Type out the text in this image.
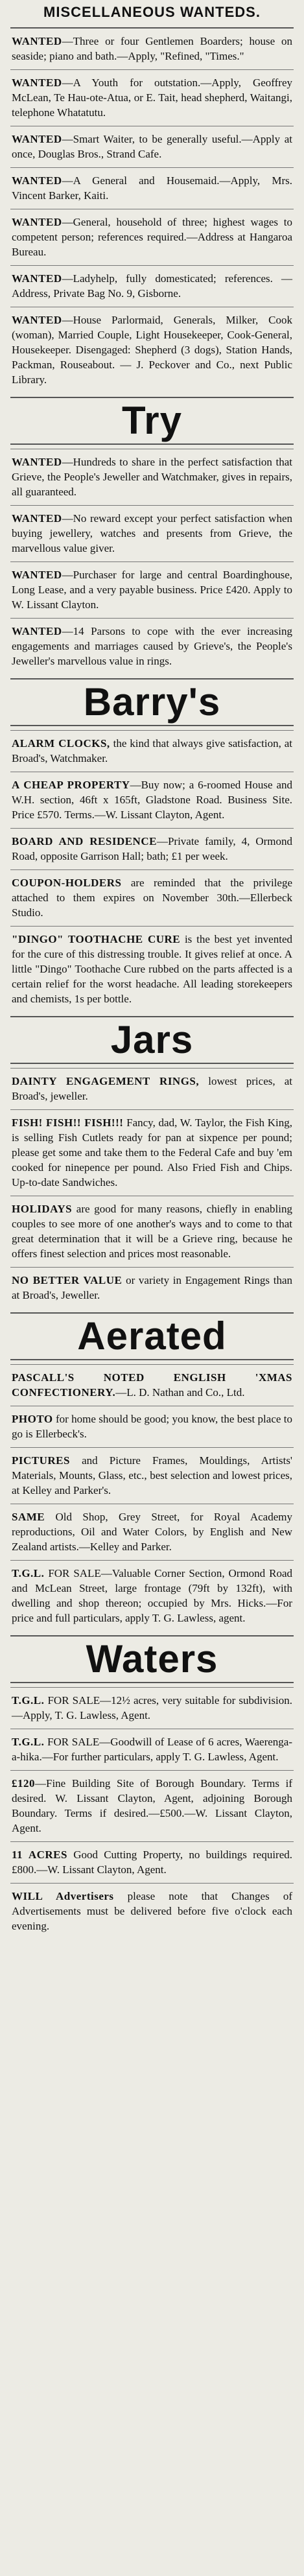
MISCELLANEOUS WANTEDS.
WANTED—Three or four Gentlemen Boarders; house on seaside; piano and bath.—Apply, "Refined, "Times."
WANTED—A Youth for outstation.—Apply, Geoffrey McLean, Te Hau-ote-Atua, or E. Tait, head shepherd, Waitangi, telephone Whatatutu.
WANTED—Smart Waiter, to be generally useful.—Apply at once, Douglas Bros., Strand Cafe.
WANTED—A General and Housemaid.—Apply, Mrs. Vincent Barker, Kaiti.
WANTED—General, household of three; highest wages to competent person; references required.—Address at Hangaroa Bureau.
WANTED—Ladyhelp, fully domesticated; references. — Address, Private Bag No. 9, Gisborne.
WANTED—House Parlormaid, Generals, Milker, Cook (woman), Married Couple, Light Housekeeper, Cook-General, Housekeeper. Disengaged: Shepherd (3 dogs), Station Hands, Packman, Rouseabout. — J. Peckover and Co., next Public Library.
Try
WANTED—Hundreds to share in the perfect satisfaction that Grieve, the People's Jeweller and Watchmaker, gives in repairs, all guaranteed.
WANTED—No reward except your perfect satisfaction when buying jewellery, watches and presents from Grieve, the marvellous value giver.
WANTED—Purchaser for large and central Boardinghouse, Long Lease, and a very payable business. Price £420. Apply to W. Lissant Clayton.
WANTED—14 Parsons to cope with the ever increasing engagements and marriages caused by Grieve's, the People's Jeweller's marvellous value in rings.
Barry's
ALARM CLOCKS, the kind that always give satisfaction, at Broad's, Watchmaker.
A CHEAP PROPERTY—Buy now; a 6-roomed House and W.H. section, 46ft x 165ft, Gladstone Road. Business Site. Price £570. Terms.—W. Lissant Clayton, Agent.
BOARD AND RESIDENCE—Private family, 4, Ormond Road, opposite Garrison Hall; bath; £1 per week.
COUPON-HOLDERS are reminded that the privilege attached to them expires on November 30th.—Ellerbeck Studio.
"DINGO" TOOTHACHE CURE is the best yet invented for the cure of this distressing trouble. It gives relief at once. A little "Dingo" Toothache Cure rubbed on the parts affected is a certain relief for the worst headache. All leading storekeepers and chemists, 1s per bottle.
Jars
DAINTY ENGAGEMENT RINGS, lowest prices, at Broad's, jeweller.
FISH! FISH!! FISH!!! Fancy, dad, W. Taylor, the Fish King, is selling Fish Cutlets ready for pan at sixpence per pound; please get some and take them to the Federal Cafe and buy 'em cooked for ninepence per pound. Also Fried Fish and Chips. Up-to-date Sandwiches.
HOLIDAYS are good for many reasons, chiefly in enabling couples to see more of one another's ways and to come to that great determination that it will be a Grieve ring, because he offers finest selection and prices most reasonable.
NO BETTER VALUE or variety in Engagement Rings than at Broad's, Jeweller.
Aerated
PASCALL'S NOTED ENGLISH 'XMAS CONFECTIONERY.—L. D. Nathan and Co., Ltd.
PHOTO for home should be good; you know, the best place to go is Ellerbeck's.
PICTURES and Picture Frames, Mouldings, Artists' Materials, Mounts, Glass, etc., best selection and lowest prices, at Kelley and Parker's.
SAME Old Shop, Grey Street, for Royal Academy reproductions, Oil and Water Colors, by English and New Zealand artists.—Kelley and Parker.
T.G.L. FOR SALE—Valuable Corner Section, Ormond Road and McLean Street, large frontage (79ft by 132ft), with dwelling and shop thereon; occupied by Mrs. Hicks.—For price and full particulars, apply T. G. Lawless, agent.
Waters
T.G.L. FOR SALE—12½ acres, very suitable for subdivision.—Apply, T. G. Lawless, Agent.
T.G.L. FOR SALE—Goodwill of Lease of 6 acres, Waerenga-a-hika.—For further particulars, apply T. G. Lawless, Agent.
£120—Fine Building Site of Borough Boundary. Terms if desired. W. Lissant Clayton, Agent, adjoining Borough Boundary. Terms if desired.—£500.—W. Lissant Clayton, Agent.
11 ACRES Good Cutting Property, no buildings required. £800.—W. Lissant Clayton, Agent.
WILL Advertisers please note that Changes of Advertisements must be delivered before five o'clock each evening.
